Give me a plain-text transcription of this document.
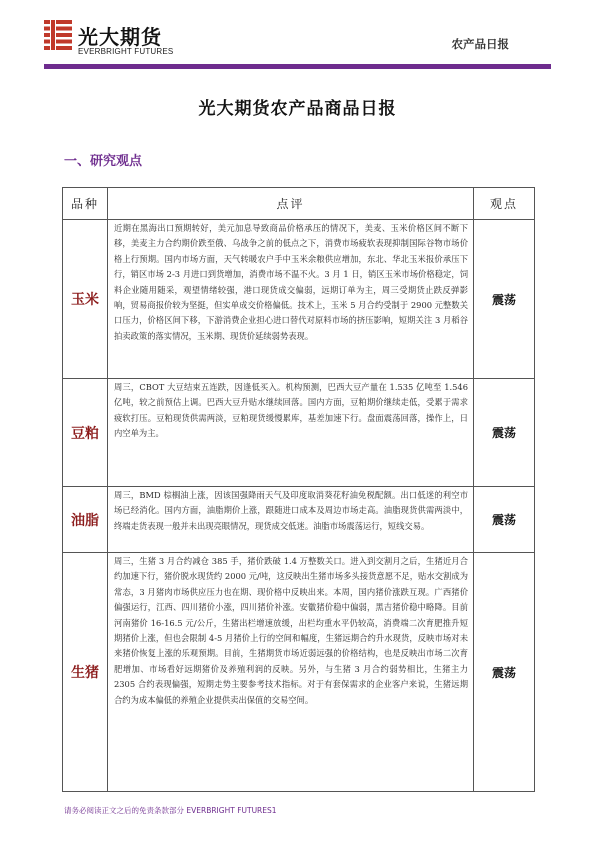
光大期货
EVERBRIGHT FUTURES
农产品日报
光大期货农产品商品日报
一、研究观点
品种	点评	观点
玉米	近期在黑海出口预期转好，美元加息导致商品价格承压的情况下，美麦、玉米价格区间不断下移，美麦主力合约期价跌至俄、乌战争之前的低点之下，消费市场疲软表现抑制国际谷物市场价格上行预期。国内市场方面，天气转暖农户手中玉米余粮供应增加，东北、华北玉米报价承压下行，销区市场 2-3 月进口到货增加，消费市场不温不火。3 月 1 日，销区玉米市场价格稳定，饲料企业随用随采，观望情绪较强，港口现货成交偏弱，远期订单为主，周三受期货止跌反弹影响，贸易商报价较为坚挺，但实单成交价格偏低。技术上，玉米 5 月合约受制于 2900 元整数关口压力，价格区间下移，下游消费企业担心进口替代对原料市场的挤压影响，短期关注 3 月稻谷拍卖政策的落实情况，玉米期、现货价延续弱势表现。	震荡
豆粕	周三，CBOT 大豆结束五连跌，因逢低买入。机构预测，巴西大豆产量在 1.535 亿吨至 1.546 亿吨，较之前预估上调。巴西大豆升贴水继续回落。国内方面，豆粕期价继续走低，受累于需求疲软打压。豆粕现货供需两淡，豆粕现货缓慢累库，基差加速下行。盘面震荡回落，操作上，日内空单为主。	震荡
油脂	周三，BMD 棕榈油上涨，因该国强降雨天气及印度取消葵花籽油免税配额。出口低迷的利空市场已经消化。国内方面，油脂期价上涨，跟随进口成本及周边市场走高。油脂现货供需两淡中，终端走货表现一般并未出现亮眼情况，现货成交低迷。油脂市场震荡运行，短线交易。	震荡
生猪	周三，生猪 3 月合约减仓 385 手，猪价跌破 1.4 万整数关口。进入到交割月之后，生猪近月合约加速下行，猪价脱水现货约 2000 元/吨，这反映出生猪市场多头接货意愿不足，贴水交割成为常态，3 月猪肉市场供应压力也在期、现价格中反映出来。本周，国内猪价涨跌互现。广西猪价偏强运行，江西、四川猪价小涨，四川猪价补涨。安徽猪价稳中偏弱，黑吉猪价稳中略降。目前河南猪价 16-16.5 元/公斤，生猪出栏增速放缓，出栏均重水平仍较高，消费端二次育肥推升短期猪价上涨，但也会限制 4-5 月猪价上行的空间和幅度，生猪远期合约升水现货，反映市场对未来猪价恢复上涨的乐观预期。目前，生猪期货市场近弱远强的价格结构，也是反映出市场二次育肥增加、市场看好远期猪价及养殖利润的反映。另外，与生猪 3 月合约弱势相比，生猪主力 2305 合约表现偏强，短期走势主要参考技术指标。对于有套保需求的企业客户来说，生猪远期合约为成本偏低的养殖企业提供卖出保值的交易空间。	震荡
请务必阅读正文之后的免责条款部分 EVERBRIGHT FUTURES1
